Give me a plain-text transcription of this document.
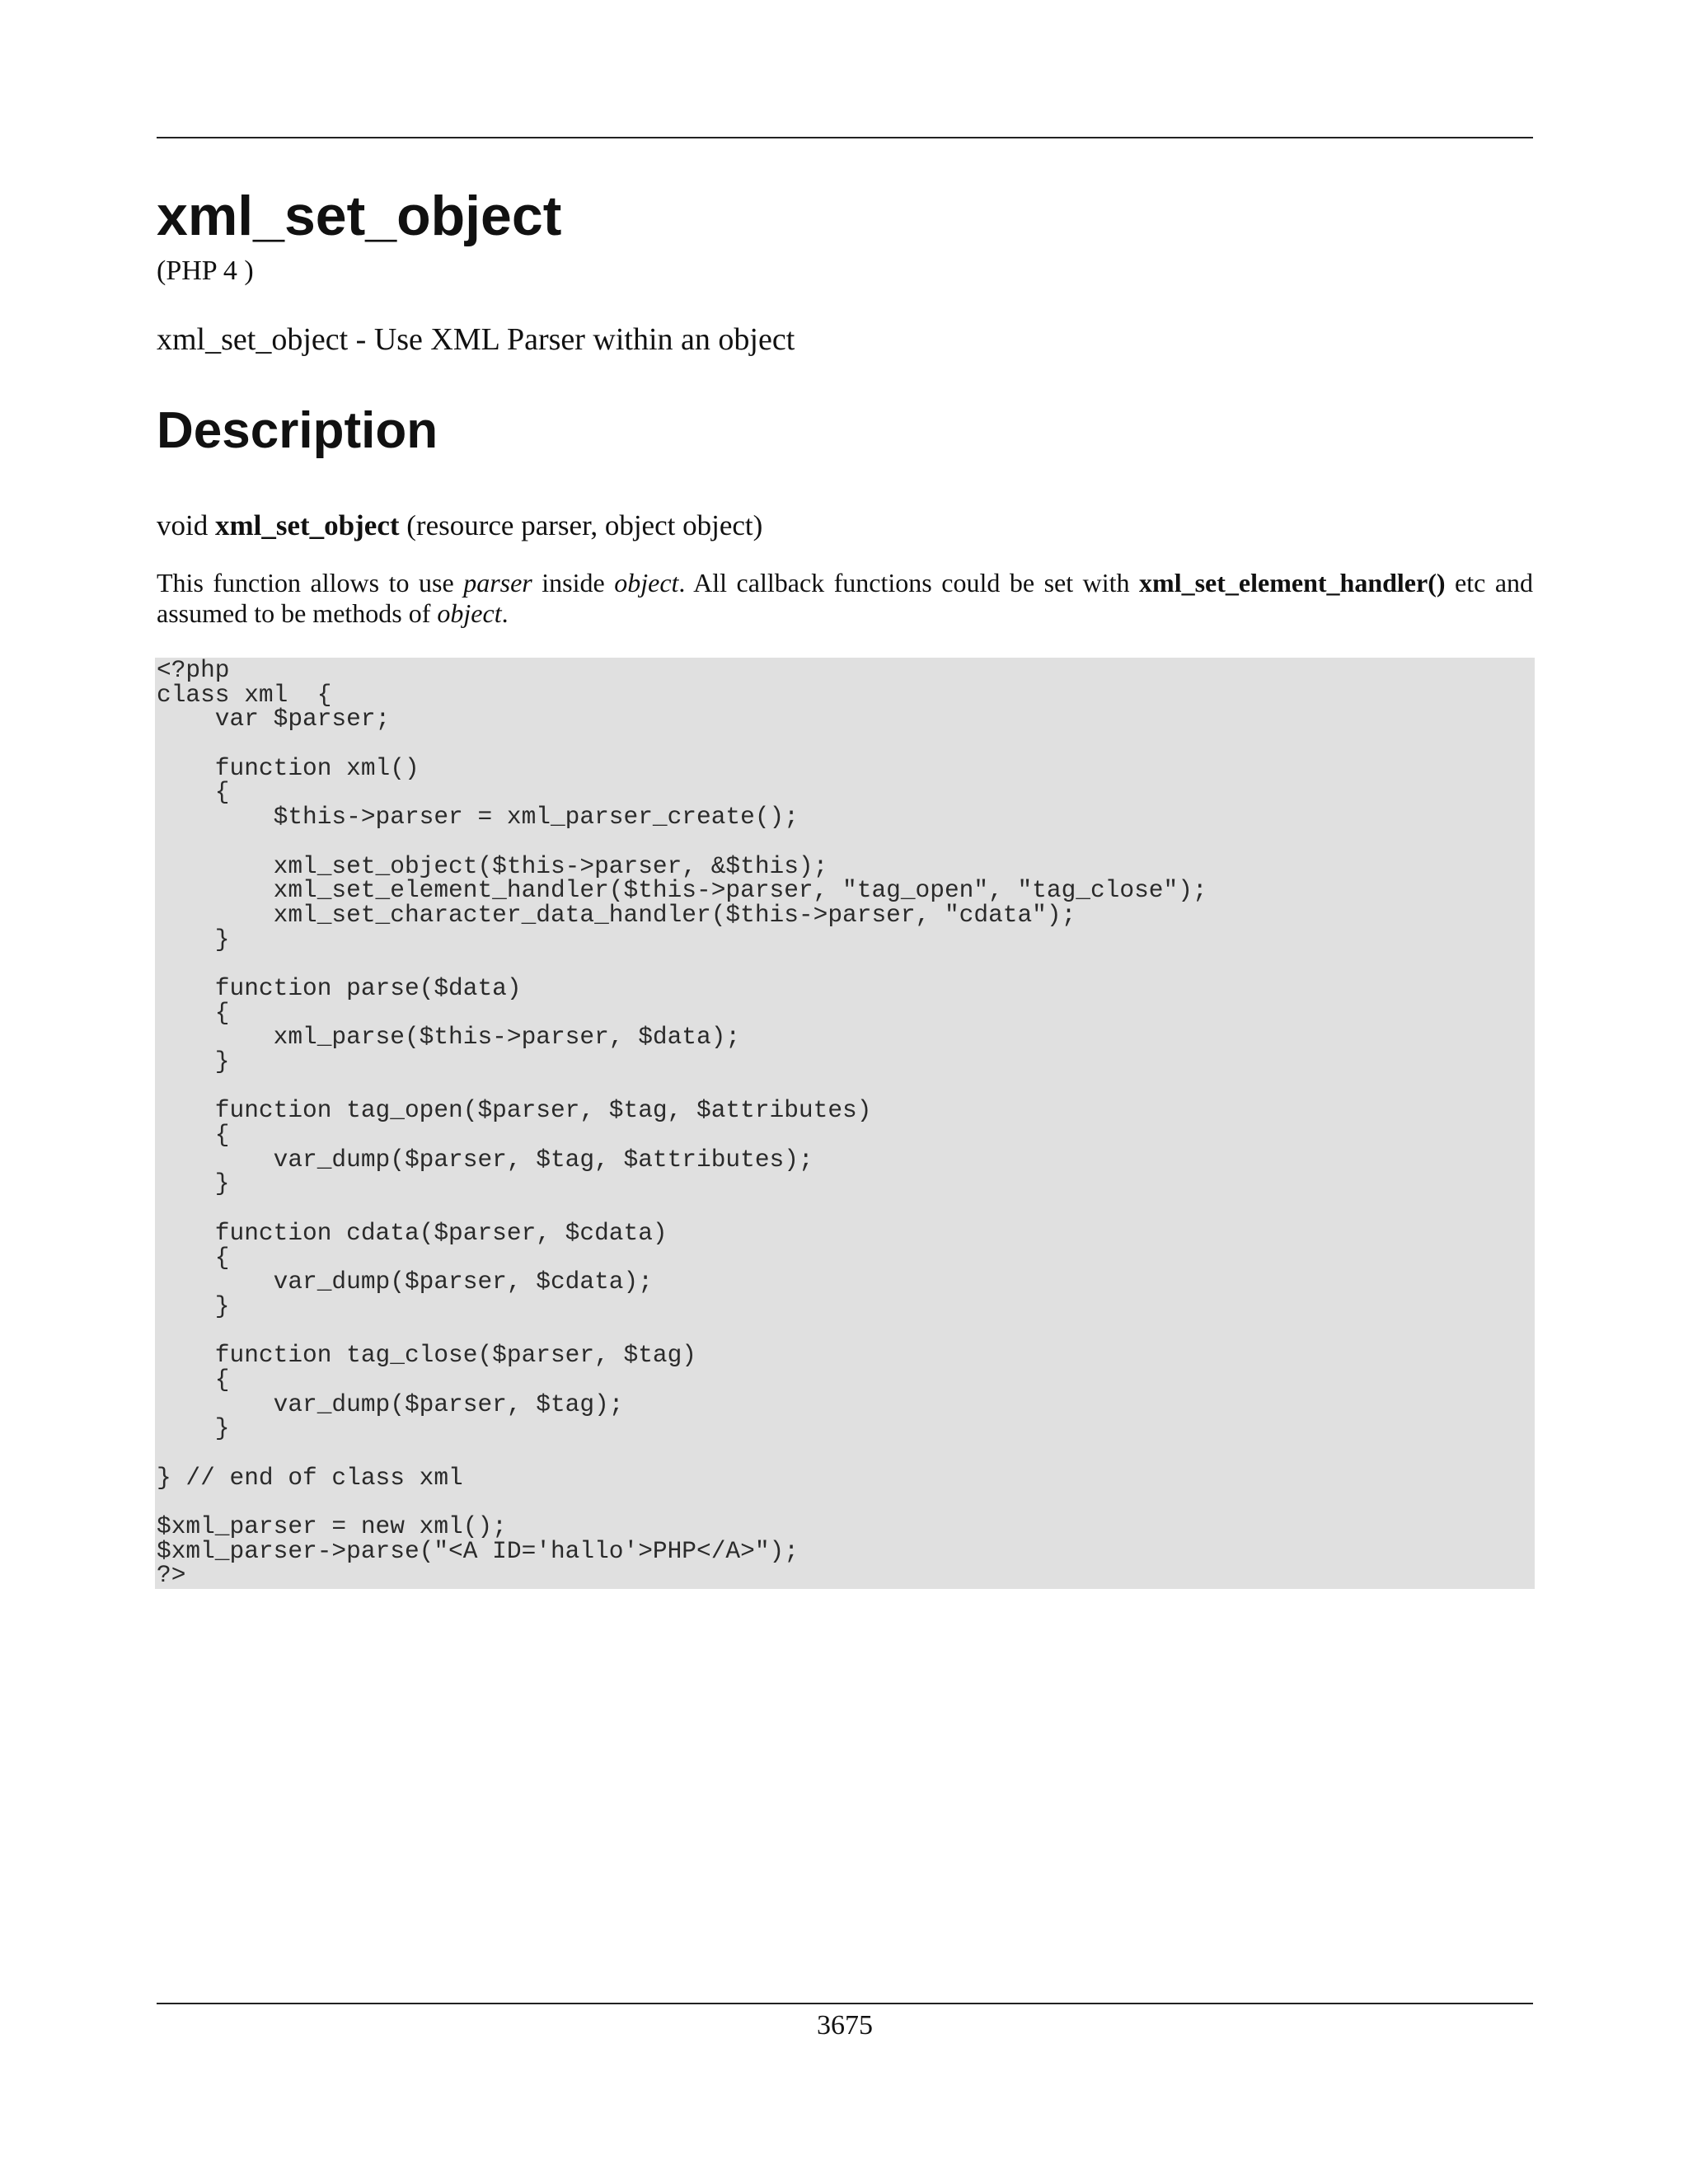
xml_set_object
(PHP 4 )
xml_set_object - Use XML Parser within an object
Description
void xml_set_object (resource parser, object object)

This function allows to use parser inside object. All callback functions could be set with xml_set_element_handler() etc and assumed to be methods of object.

<?php
class xml  {
var $parser;

function xml()
{
$this->parser = xml_parser_create();

xml_set_object($this->parser, &$this);
xml_set_element_handler($this->parser, "tag_open", "tag_close");
xml_set_character_data_handler($this->parser, "cdata");
}

function parse($data)
{
xml_parse($this->parser, $data);
}

function tag_open($parser, $tag, $attributes)
{
var_dump($parser, $tag, $attributes);
}

function cdata($parser, $cdata)
{
var_dump($parser, $cdata);
}

function tag_close($parser, $tag)
{
var_dump($parser, $tag);
}

} // end of class xml

$xml_parser = new xml();
$xml_parser->parse("<A ID='hallo'>PHP</A>");
?>
3675
